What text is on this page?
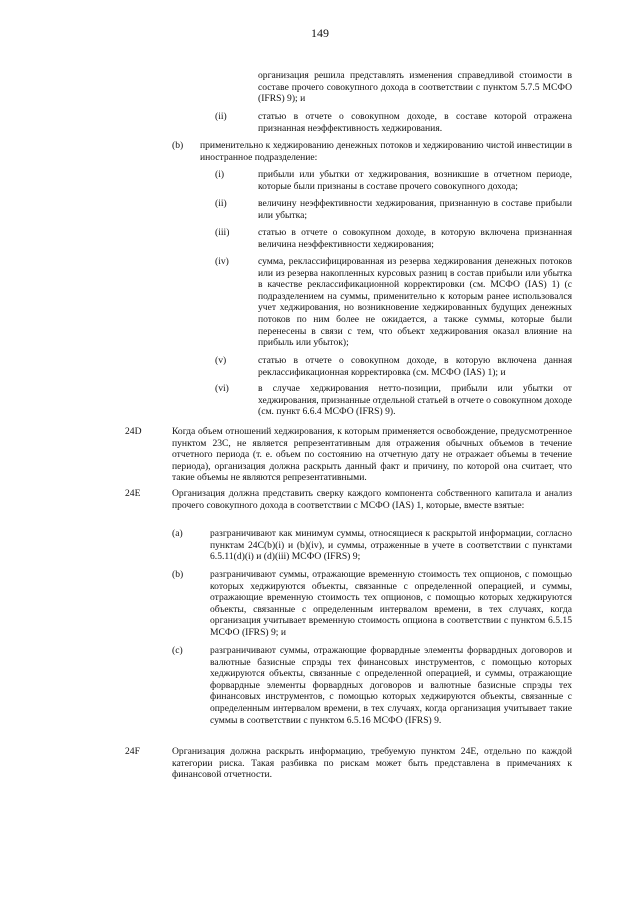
149
организация решила представлять изменения справедливой стоимости в составе прочего совокупного дохода в соответствии с пунктом 5.7.5 МСФО (IFRS) 9); и
(ii)	статью в отчете о совокупном доходе, в составе которой отражена признанная неэффективность хеджирования.
(b) применительно к хеджированию денежных потоков и хеджированию чистой инвестиции в иностранное подразделение:
(i)	прибыли или убытки от хеджирования, возникшие в отчетном периоде, которые были признаны в составе прочего совокупного дохода;
(ii)	величину неэффективности хеджирования, признанную в составе прибыли или убытка;
(iii)	статью в отчете о совокупном доходе, в которую включена признанная величина неэффективности хеджирования;
(iv)	сумма, реклассифицированная из резерва хеджирования денежных потоков или из резерва накопленных курсовых разниц в состав прибыли или убытка в качестве реклассификационной корректировки (см. МСФО (IAS) 1) (с подразделением на суммы, применительно к которым ранее использовался учет хеджирования, но возникновение хеджированных будущих денежных потоков по ним более не ожидается, а также суммы, которые были перенесены в связи с тем, что объект хеджирования оказал влияние на прибыль или убыток);
(v)	статью в отчете о совокупном доходе, в которую включена данная реклассификационная корректировка (см. МСФО (IAS) 1); и
(vi)	в случае хеджирования нетто-позиции, прибыли или убытки от хеджирования, признанные отдельной статьей в отчете о совокупном доходе (см. пункт 6.6.4 МСФО (IFRS) 9).
24D	Когда объем отношений хеджирования, к которым применяется освобождение, предусмотренное пунктом 23С, не является репрезентативным для отражения обычных объемов в течение отчетного периода (т. е. объем по состоянию на отчетную дату не отражает объемы в течение периода), организация должна раскрыть данный факт и причину, по которой она считает, что такие объемы не являются репрезентативными.
24E	Организация должна представить сверку каждого компонента собственного капитала и анализ прочего совокупного дохода в соответствии с МСФО (IAS) 1, которые, вместе взятые:
(a)	разграничивают как минимум суммы, относящиеся к раскрытой информации, согласно пунктам 24С(b)(i) и (b)(iv), и суммы, отраженные в учете в соответствии с пунктами 6.5.11(d)(i) и (d)(iii) МСФО (IFRS) 9;
(b)	разграничивают суммы, отражающие временную стоимость тех опционов, с помощью которых хеджируются объекты, связанные с определенной операцией, и суммы, отражающие временную стоимость тех опционов, с помощью которых хеджируются объекты, связанные с определенным интервалом времени, в тех случаях, когда организация учитывает временную стоимость опциона в соответствии с пунктом 6.5.15 МСФО (IFRS) 9; и
(c)	разграничивают суммы, отражающие форвардные элементы форвардных договоров и валютные базисные спрэды тех финансовых инструментов, с помощью которых хеджируются объекты, связанные с определенной операцией, и суммы, отражающие форвардные элементы форвардных договоров и валютные базисные спрэды тех финансовых инструментов, с помощью которых хеджируются объекты, связанные с определенным интервалом времени, в тех случаях, когда организация учитывает такие суммы в соответствии с пунктом 6.5.16 МСФО (IFRS) 9.
24F	Организация должна раскрыть информацию, требуемую пунктом 24Е, отдельно по каждой категории риска. Такая разбивка по рискам может быть представлена в примечаниях к финансовой отчетности.
